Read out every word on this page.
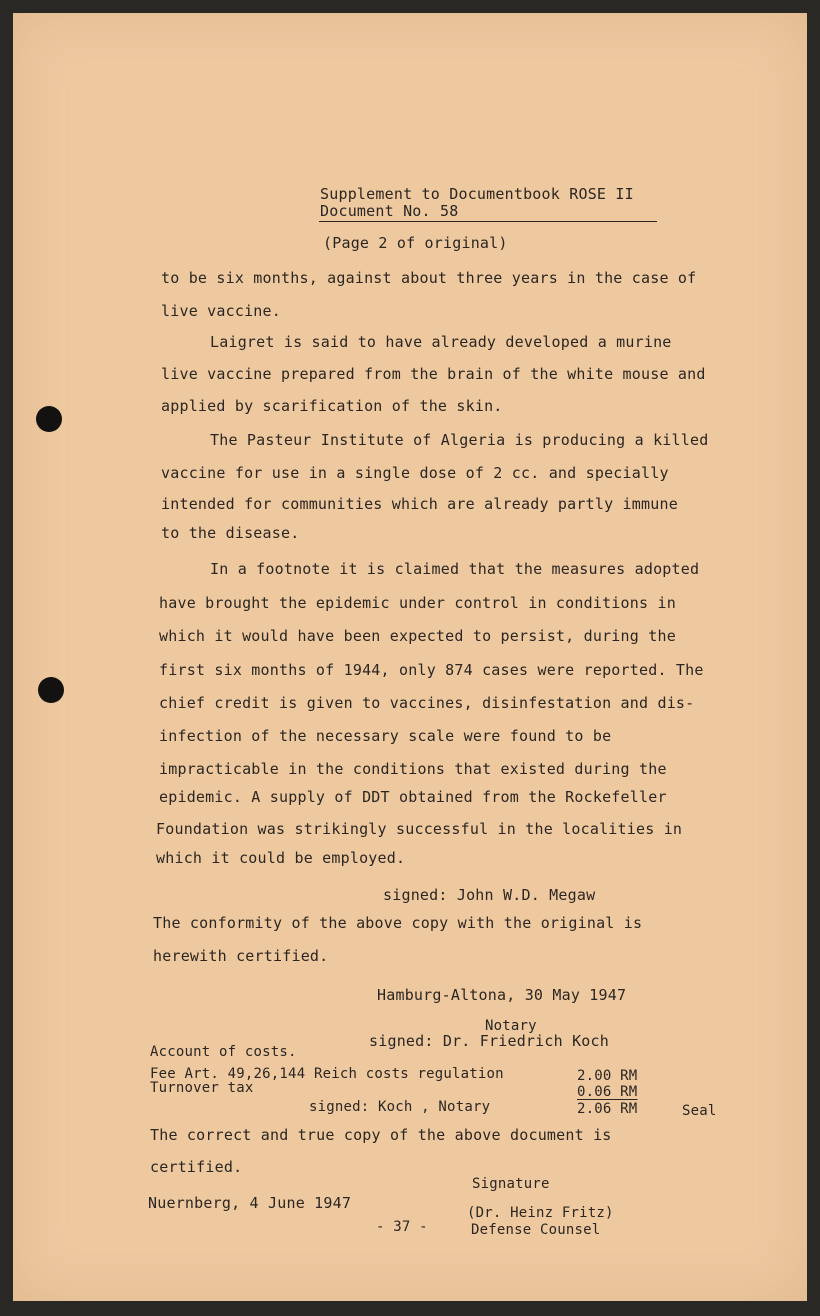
Supplement to Documentbook ROSE II
Document No. 58
(Page 2 of original)
to be six months, against about three years in the case of
live vaccine.
Laigret is said to have already developed a murine
live vaccine prepared from the brain of the white mouse and
applied by scarification of the skin.
The Pasteur Institute of Algeria is producing a killed
vaccine for use in a single dose of 2 cc. and specially
intended for communities which are already partly immune
to the disease.
In a footnote it is claimed that the measures adopted
have brought the epidemic under control in conditions in
which it would have been expected to persist, during the
first six months of 1944, only 874 cases were reported. The
chief credit is given to vaccines, disinfestation and dis-
infection of the necessary scale were found to be
impracticable in the conditions that existed during the
epidemic. A supply of DDT obtained from the Rockefeller
Foundation was strikingly successful in the localities in
which it could be employed.
signed: John W.D. Megaw
The conformity of the above copy with the original is
herewith certified.
Hamburg-Altona, 30 May 1947
Notary
signed: Dr. Friedrich Koch
Account of costs.
Fee Art. 49,26,144 Reich costs regulation	2.00 RM
Turnover tax	0.06 RM
signed: Koch , Notary	2.06 RM	Seal
The correct and true copy of the above document is
certified.
Signature
Nuernberg, 4 June 1947
(Dr. Heinz Fritz)
- 37 -	Defense Counsel
